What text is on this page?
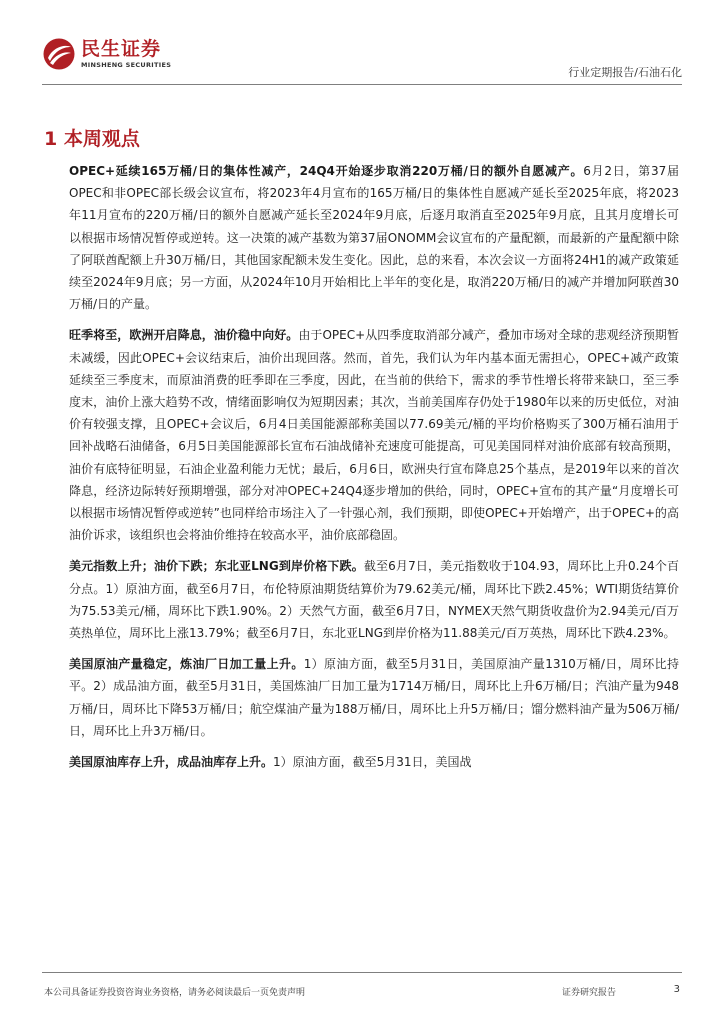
民生证券
MINSHENG SECURITIES
行业定期报告/石油石化
1 本周观点

OPEC+延续165万桶/日的集体性减产，24Q4开始逐步取消220万桶/日的额外自愿减产。6月2日，第37届OPEC和非OPEC部长级会议宣布，将2023年4月宣布的165万桶/日的集体性自愿减产延长至2025年底，将2023年11月宣布的220万桶/日的额外自愿减产延长至2024年9月底，后逐月取消直至2025年9月底，且其月度增长可以根据市场情况暂停或逆转。这一决策的减产基数为第37届ONOMM会议宣布的产量配额，而最新的产量配额中除了阿联酋配额上升30万桶/日，其他国家配额未发生变化。因此，总的来看，本次会议一方面将24H1的减产政策延续至2024年9月底；另一方面，从2024年10月开始相比上半年的变化是，取消220万桶/日的减产并增加阿联酋30万桶/日的产量。

旺季将至，欧洲开启降息，油价稳中向好。由于OPEC+从四季度取消部分减产，叠加市场对全球的悲观经济预期暂未减缓，因此OPEC+会议结束后，油价出现回落。然而，首先，我们认为年内基本面无需担心，OPEC+减产政策延续至三季度末，而原油消费的旺季即在三季度，因此，在当前的供给下，需求的季节性增长将带来缺口，至三季度末，油价上涨大趋势不改，情绪面影响仅为短期因素；其次，当前美国库存仍处于1980年以来的历史低位，对油价有较强支撑，且OPEC+会议后，6月4日美国能源部称美国以77.69美元/桶的平均价格购买了300万桶石油用于回补战略石油储备，6月5日美国能源部长宣布石油战储补充速度可能提高，可见美国同样对油价底部有较高预期，油价有底特征明显，石油企业盈利能力无忧；最后，6月6日，欧洲央行宣布降息25个基点，是2019年以来的首次降息，经济边际转好预期增强，部分对冲OPEC+24Q4逐步增加的供给，同时，OPEC+宣布的其产量“月度增长可以根据市场情况暂停或逆转”也同样给市场注入了一针强心剂，我们预期，即使OPEC+开始增产，出于OPEC+的高油价诉求，该组织也会将油价维持在较高水平，油价底部稳固。

美元指数上升；油价下跌；东北亚LNG到岸价格下跌。截至6月7日，美元指数收于104.93，周环比上升0.24个百分点。1）原油方面，截至6月7日，布伦特原油期货结算价为79.62美元/桶，周环比下跌2.45%；WTI期货结算价为75.53美元/桶，周环比下跌1.90%。2）天然气方面，截至6月7日，NYMEX天然气期货收盘价为2.94美元/百万英热单位，周环比上涨13.79%；截至6月7日，东北亚LNG到岸价格为11.88美元/百万英热，周环比下跌4.23%。

美国原油产量稳定，炼油厂日加工量上升。1）原油方面，截至5月31日，美国原油产量1310万桶/日，周环比持平。2）成品油方面，截至5月31日，美国炼油厂日加工量为1714万桶/日，周环比上升6万桶/日；汽油产量为948万桶/日，周环比下降53万桶/日；航空煤油产量为188万桶/日，周环比上升5万桶/日；馏分燃料油产量为506万桶/日，周环比上升3万桶/日。

美国原油库存上升，成品油库存上升。1）原油方面，截至5月31日，美国战

本公司具备证券投资咨询业务资格，请务必阅读最后一页免责声明	证券研究报告	3
